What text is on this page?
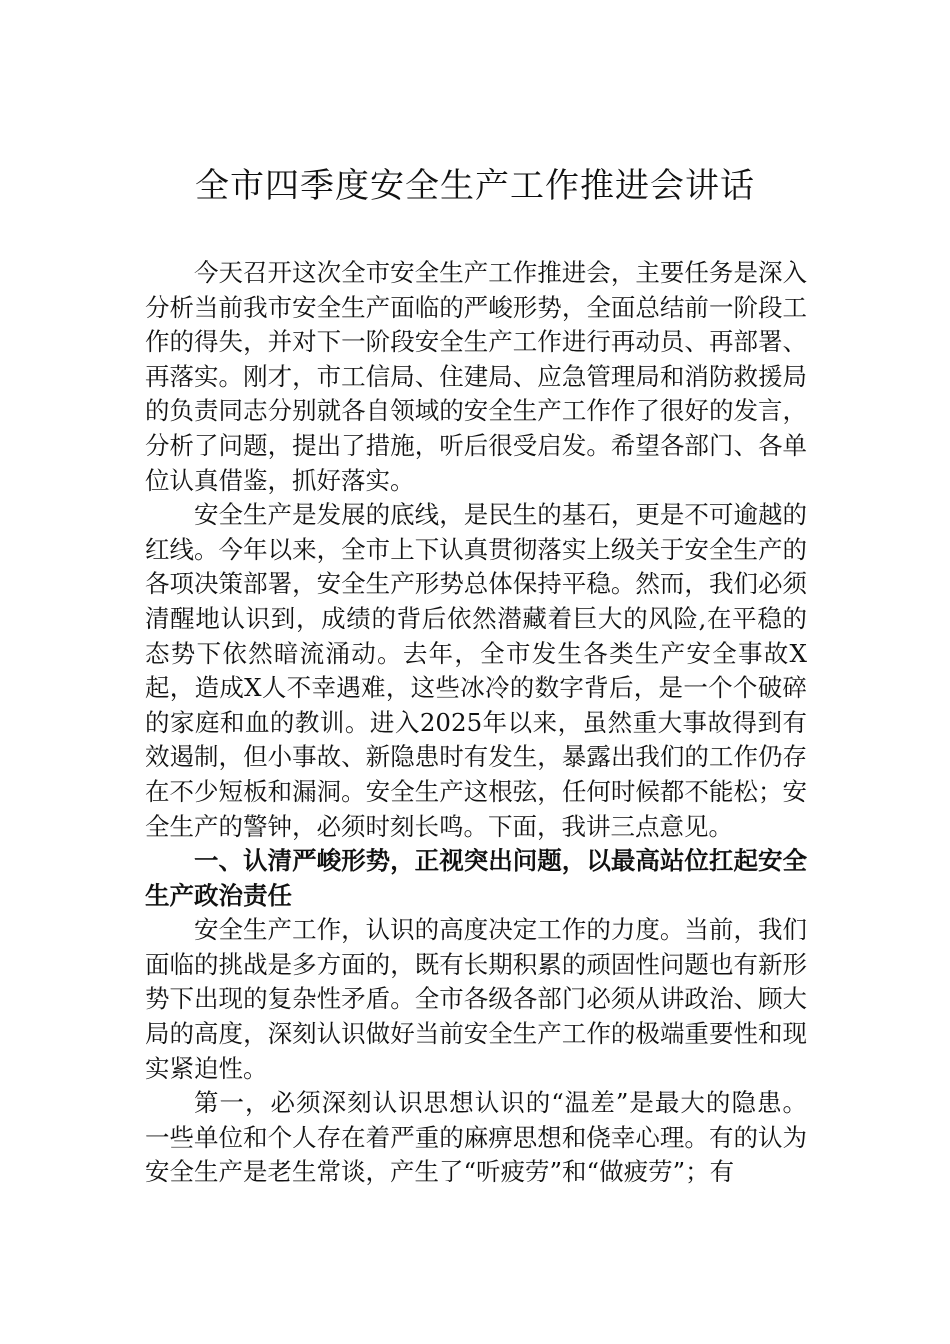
全市四季度安全生产工作推进会讲话

今天召开这次全市安全生产工作推进会，主要任务是深入分析当前我市安全生产面临的严峻形势，全面总结前一阶段工作的得失，并对下一阶段安全生产工作进行再动员、再部署、再落实。刚才，市工信局、住建局、应急管理局和消防救援局的负责同志分别就各自领域的安全生产工作作了很好的发言，分析了问题，提出了措施，听后很受启发。希望各部门、各单位认真借鉴，抓好落实。

安全生产是发展的底线，是民生的基石，更是不可逾越的红线。今年以来，全市上下认真贯彻落实上级关于安全生产的各项决策部署，安全生产形势总体保持平稳。然而，我们必须清醒地认识到，成绩的背后依然潜藏着巨大的风险,在平稳的态势下依然暗流涌动。去年，全市发生各类生产安全事故X起，造成X人不幸遇难，这些冰冷的数字背后，是一个个破碎的家庭和血的教训。进入2025年以来，虽然重大事故得到有效遏制，但小事故、新隐患时有发生，暴露出我们的工作仍存在不少短板和漏洞。安全生产这根弦，任何时候都不能松；安全生产的警钟，必须时刻长鸣。下面，我讲三点意见。

一、认清严峻形势，正视突出问题，以最高站位扛起安全生产政治责任

安全生产工作，认识的高度决定工作的力度。当前，我们面临的挑战是多方面的，既有长期积累的顽固性问题也有新形势下出现的复杂性矛盾。全市各级各部门必须从讲政治、顾大局的高度，深刻认识做好当前安全生产工作的极端重要性和现实紧迫性。

第一，必须深刻认识思想认识的“温差”是最大的隐患。一些单位和个人存在着严重的麻痹思想和侥幸心理。有的认为安全生产是老生常谈，产生了“听疲劳”和“做疲劳”；有
